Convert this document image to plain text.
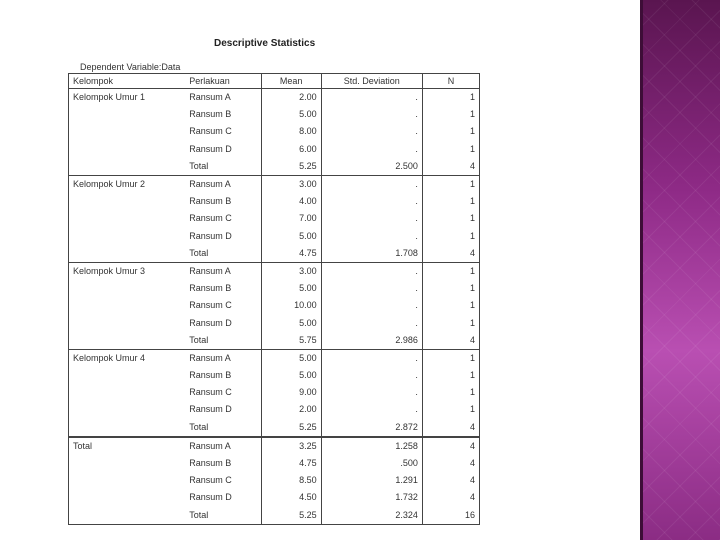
Descriptive Statistics
Dependent Variable:Data
Kelompok	Perlakuan	Mean	Std. Deviation	N
Kelompok Umur 1	Ransum A	2.00	.	1
	Ransum B	5.00	.	1
	Ransum C	8.00	.	1
	Ransum D	6.00	.	1
	Total	5.25	2.500	4
Kelompok Umur 2	Ransum A	3.00	.	1
	Ransum B	4.00	.	1
	Ransum C	7.00	.	1
	Ransum D	5.00	.	1
	Total	4.75	1.708	4
Kelompok Umur 3	Ransum A	3.00	.	1
	Ransum B	5.00	.	1
	Ransum C	10.00	.	1
	Ransum D	5.00	.	1
	Total	5.75	2.986	4
Kelompok Umur 4	Ransum A	5.00	.	1
	Ransum B	5.00	.	1
	Ransum C	9.00	.	1
	Ransum D	2.00	.	1
	Total	5.25	2.872	4
Total	Ransum A	3.25	1.258	4
	Ransum B	4.75	.500	4
	Ransum C	8.50	1.291	4
	Ransum D	4.50	1.732	4
	Total	5.25	2.324	16
